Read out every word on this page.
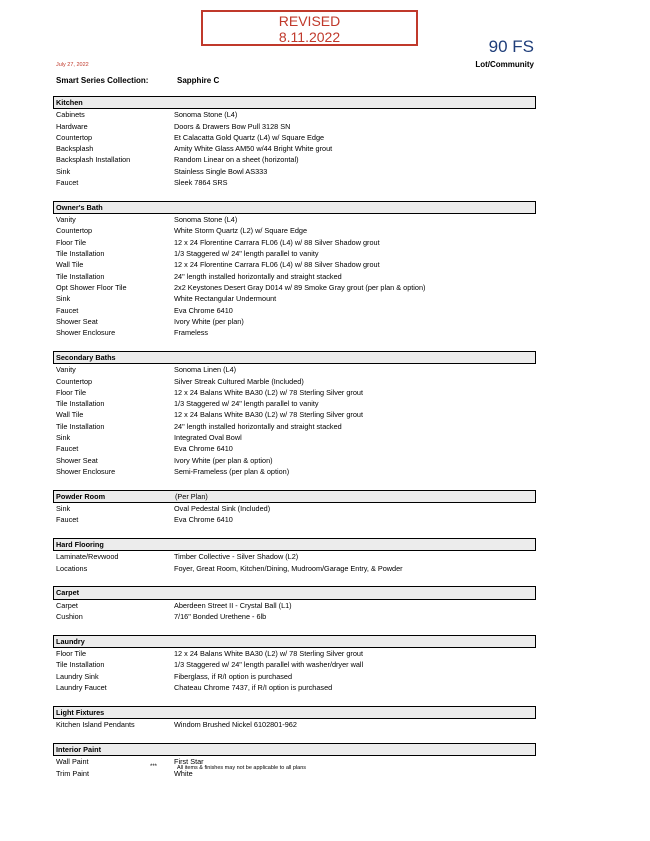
REVISED
8.11.2022	90 FS
Lot/Community
July 27, 2022
Smart Series Collection:	Sapphire C
Kitchen
Cabinets	Sonoma Stone (L4)
Hardware	Doors & Drawers Bow Pull 3128 SN
Countertop	Et Calacatta Gold Quartz (L4) w/ Square Edge
Backsplash	Amity White Glass AM50 w/44 Bright White grout
Backsplash Installation	Random Linear on a sheet (horizontal)
Sink	Stainless Single Bowl AS333
Faucet	Sleek 7864 SRS
Owner's Bath
Vanity	Sonoma Stone (L4)
Countertop	White Storm Quartz (L2) w/ Square Edge
Floor Tile	12 x 24 Florentine Carrara FL06 (L4) w/ 88 Silver Shadow grout
Tile Installation	1/3 Staggered w/ 24" length parallel to vanity
Wall Tile	12 x 24 Florentine Carrara FL06 (L4) w/ 88 Silver Shadow grout
Tile Installation	24" length installed horizontally and straight stacked
Opt Shower Floor Tile	2x2 Keystones Desert Gray D014 w/ 89 Smoke Gray grout (per plan & option)
Sink	White Rectangular Undermount
Faucet	Eva Chrome 6410
Shower Seat	Ivory White (per plan)
Shower Enclosure	Frameless
Secondary Baths
Vanity	Sonoma Linen (L4)
Countertop	Silver Streak Cultured Marble (Included)
Floor Tile	12 x 24 Balans White BA30 (L2) w/ 78 Sterling Silver grout
Tile Installation	1/3 Staggered w/ 24" length parallel to vanity
Wall Tile	12 x 24 Balans White BA30 (L2) w/ 78 Sterling Silver grout
Tile Installation	24" length installed horizontally and straight stacked
Sink	Integrated Oval Bowl
Faucet	Eva Chrome 6410
Shower Seat	Ivory White (per plan & option)
Shower Enclosure	Semi-Frameless (per plan & option)
Powder Room	(Per Plan)
Sink	Oval Pedestal Sink (Included)
Faucet	Eva Chrome 6410
Hard Flooring
Laminate/Revwood	Timber Collective - Silver Shadow (L2)
Locations	Foyer, Great Room, Kitchen/Dining, Mudroom/Garage Entry, & Powder
Carpet
Carpet	Aberdeen Street II - Crystal Ball (L1)
Cushion	7/16" Bonded Urethene - 6lb
Laundry
Floor Tile	12 x 24 Balans White BA30 (L2) w/ 78 Sterling Silver grout
Tile Installation	1/3 Staggered w/ 24" length parallel with washer/dryer wall
Laundry Sink	Fiberglass, if R/I option is purchased
Laundry Faucet	Chateau Chrome 7437, if R/I option is purchased
Light Fixtures
Kitchen Island Pendants	Windom Brushed Nickel 6102801-962
Interior Paint
Wall Paint	First Star
Trim Paint	White
***	All items & finishes may not be applicable to all plans
